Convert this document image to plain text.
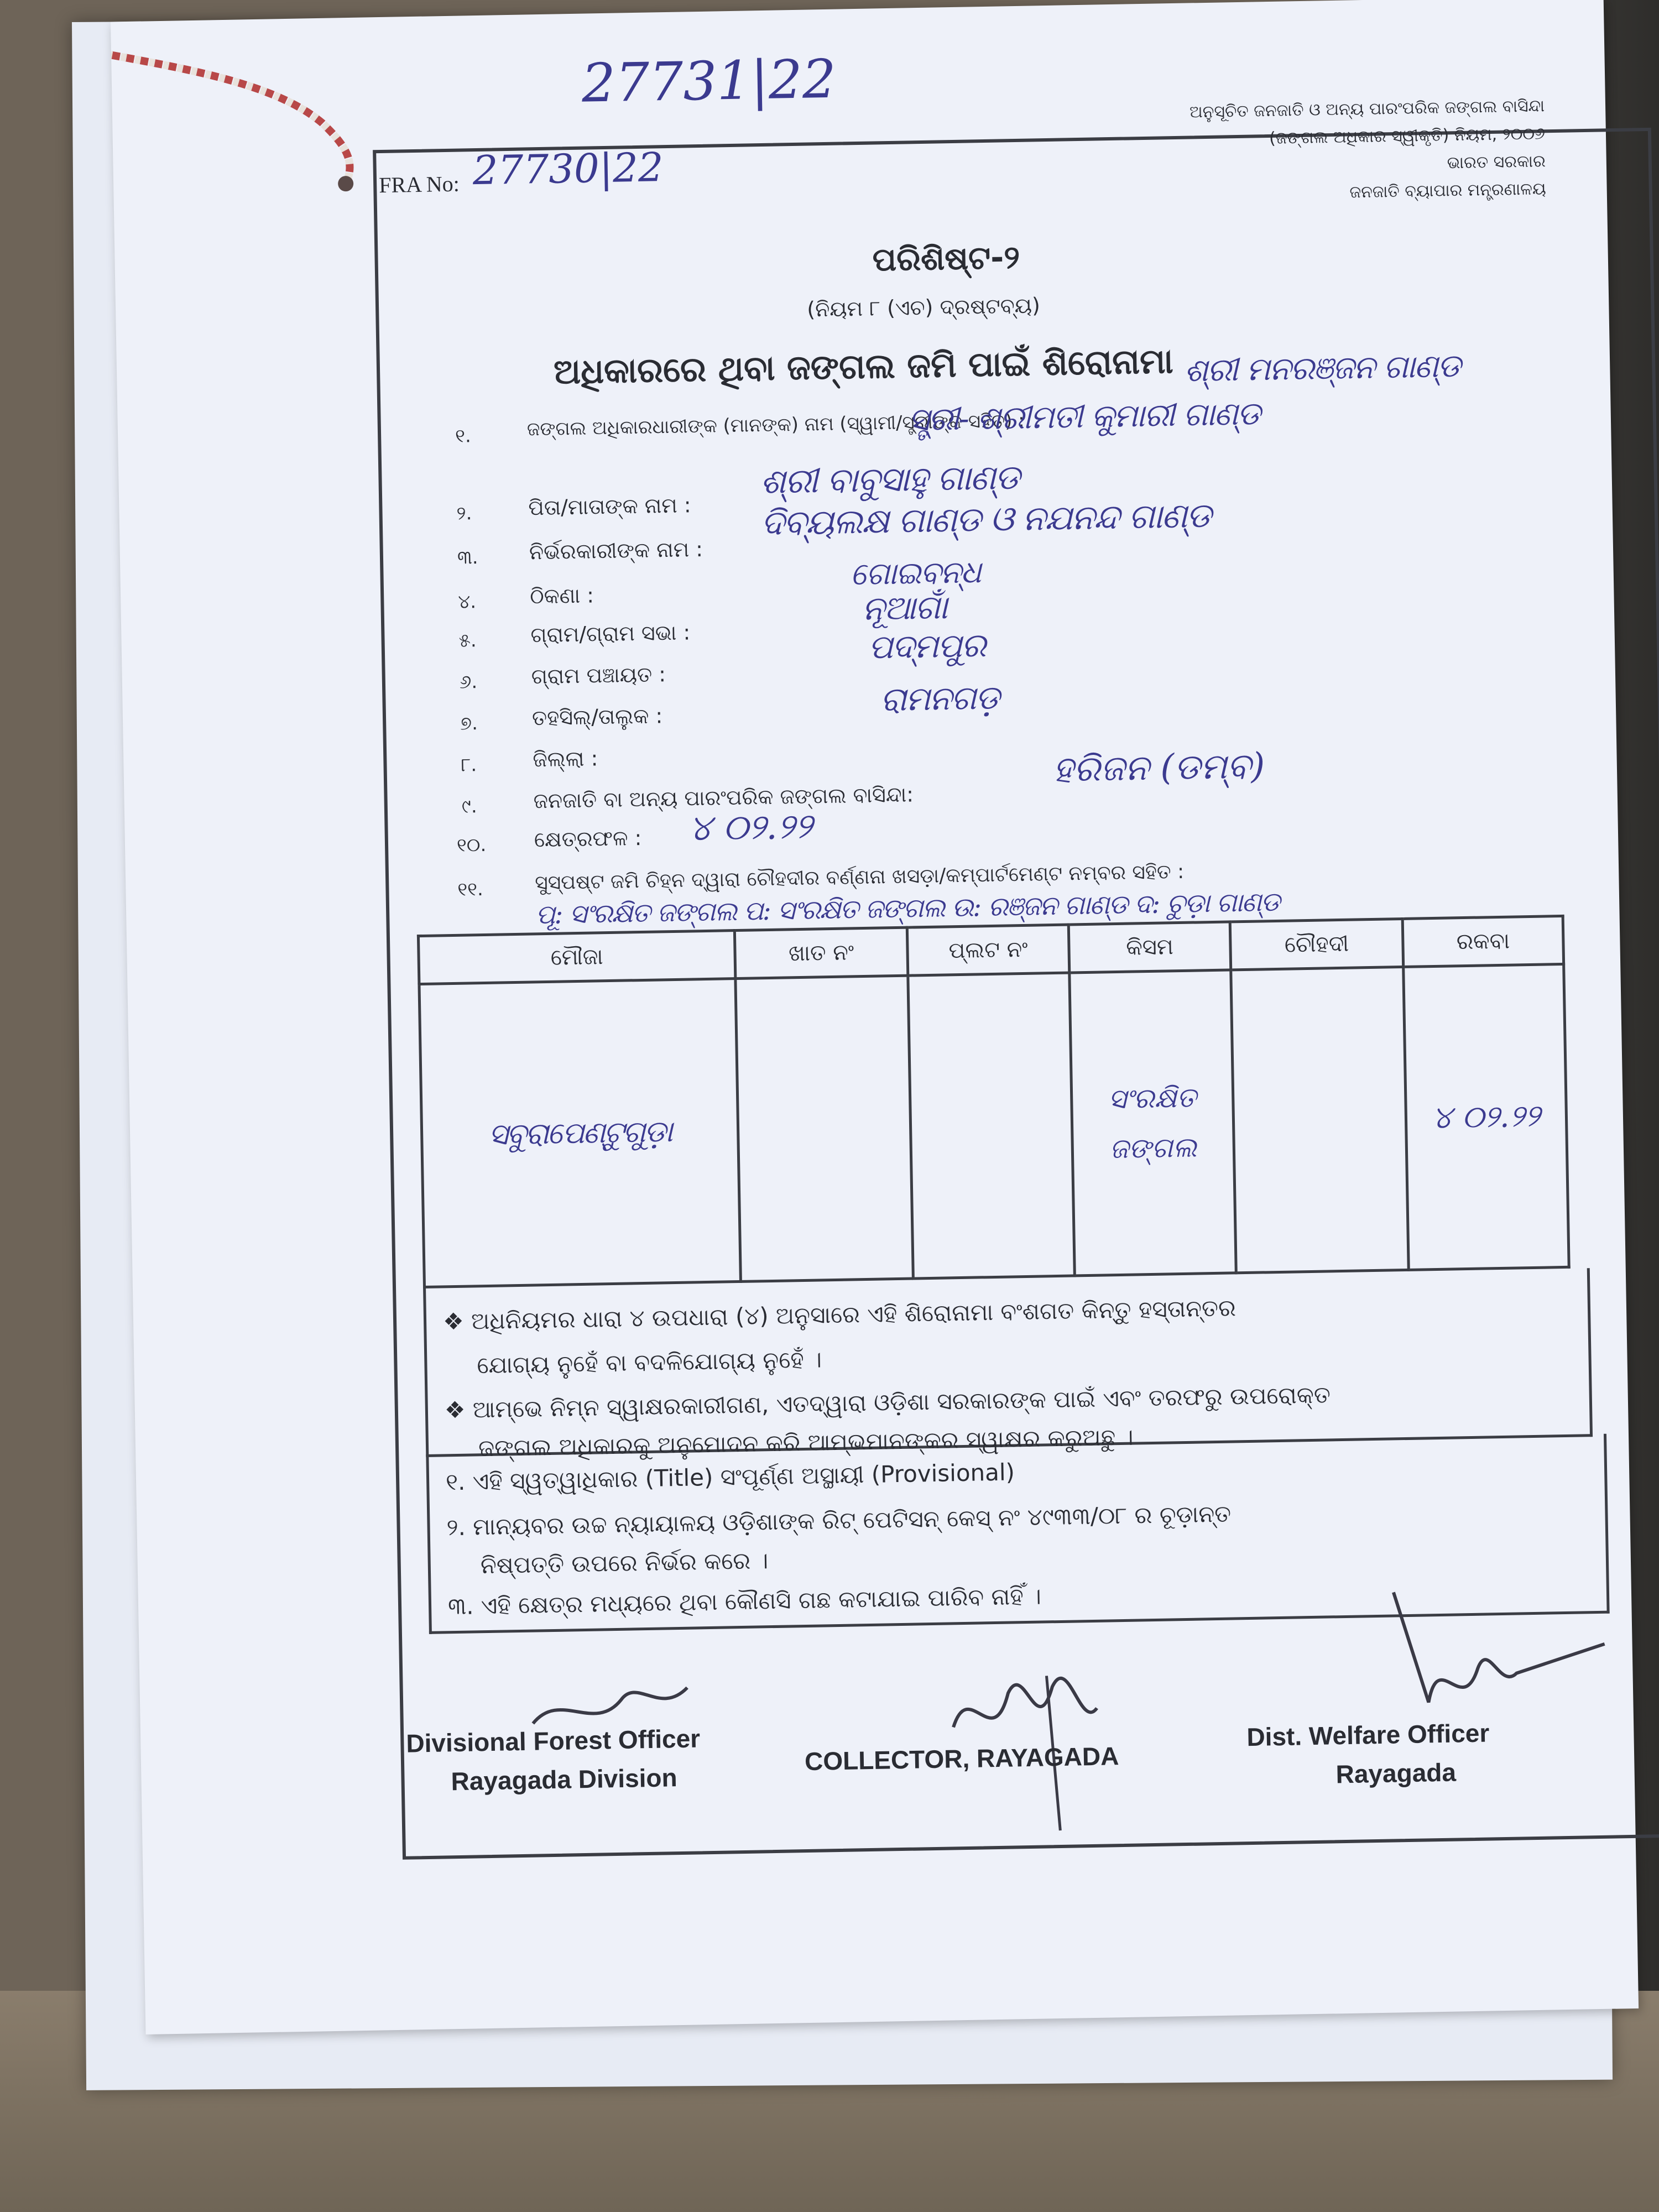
27731|22
FRA No: 27730|22
ଅନୁସୂଚିତ ଜନଜାତି ଓ ଅନ୍ୟ ପାରଂପରିକ ଜଙ୍ଗଲ ବାସିନ୍ଦା
(ଜଙ୍ଗଲ ଅଧିକାର ସ୍ୱୀକୃତି) ନିୟମ, ୨୦୦୬
ଭାରତ ସରକାର
ଜନଜାତି ବ୍ୟାପାର ମନ୍ତ୍ରଣାଳୟ
ପରିଶିଷ୍ଟ-୨
(ନିୟମ ୮ (ଏଚ) ଦ୍ରଷ୍ଟବ୍ୟ)
ଅଧିକାରରେ ଥିବା ଜଙ୍ଗଲ ଜମି ପାଇଁ ଶିରୋନାମା
୧.	ଜଙ୍ଗଲ ଅଧିକାରଧାରୀଙ୍କ (ମାନଙ୍କ) ନାମ (ସ୍ୱାମୀ/ସ୍ତ୍ରୀଙ୍କ ସହିତ) :
ଶ୍ରୀ ମନରଞ୍ଜନ ଗାଣ୍ଡ
ସ୍ତ୍ରୀ- ଶ୍ରୀମତୀ କୁମାରୀ ଗାଣ୍ଡ
୨.	ପିତା/ମାତାଙ୍କ ନାମ :
ଶ୍ରୀ ବାବୁସାହୁ ଗାଣ୍ଡ
୩. ନିର୍ଭରକାରୀଙ୍କ ନାମ :
ଦିବ୍ୟଲକ୍ଷ ଗାଣ୍ଡ ଓ ନଯନନ୍ଦ ଗାଣ୍ଡ
୪.	ଠିକଣା :
ଗୋଇବନ୍ଧ
୫.	ଗ୍ରାମ/ଗ୍ରାମ ସଭା :
ନୂଆଗାଁ
୬.	ଗ୍ରାମ ପଞ୍ଚାୟତ :
ପଦ୍ମପୁର
୭.	ତହସିଲ୍/ତାଲୁକ :	ରାମନଗଡ଼
୮.	ଜିଲ୍ଲା :
୯.	ଜନଜାତି ବା ଅନ୍ୟ ପାରଂପରିକ ଜଙ୍ଗଲ ବାସିନ୍ଦା:
ହରିଜନ (ଡମ୍ବ)
୧୦. କ୍ଷେତ୍ରଫଳ : ୪ ୦୨.୨୨
୧୧.	ସୁସ୍ପଷ୍ଟ ଜମି ଚିହ୍ନ ଦ୍ୱାରା ଚୌହଦୀର ବର୍ଣ୍ଣନା ଖସଡ଼ା/କମ୍ପାର୍ଟମେଣ୍ଟ ନମ୍ବର ସହିତ :
ପୂ: ସଂରକ୍ଷିତ ଜଙ୍ଗଲ ପ: ସଂରକ୍ଷିତ ଜଙ୍ଗଲ ଉ: ରଞ୍ଜନ ଗାଣ୍ଡ ଦ: ଚୁଡ଼ା ଗାଣ୍ଡ
ମୌଜା	ଖାତ ନଂ	ପ୍ଲଟ ନଂ	କିସମ	ଚୌହଦୀ	ରକବା
ସବୁରାପେଣ୍ଟୁଗୁଡ଼ା			ସଂରକ୍ଷିତ ଜଙ୍ଗଲ		୪ ୦୨.୨୨
❖ ଅଧିନିୟମର ଧାରା ୪ ଉପଧାରା (୪) ଅନୁସାରେ ଏହି ଶିରୋନାମା ବଂଶଗତ କିନ୍ତୁ ହସ୍ତାନ୍ତର
ଯୋଗ୍ୟ ନୁହେଁ ବା ବଦଳିଯୋଗ୍ୟ ନୁହେଁ ।
❖ ଆମ୍ଭେ ନିମ୍ନ ସ୍ୱାକ୍ଷରକାରୀଗଣ, ଏତଦ୍ୱାରା ଓଡ଼ିଶା ସରକାରଙ୍କ ପାଇଁ ଏବଂ ତରଫରୁ ଉପରୋକ୍ତ
ଜଙ୍ଗଲ ଅଧିକାରକୁ ଅନୁମୋଦନ କରି ଆମ୍ଭମାନଙ୍କର ସ୍ୱାକ୍ଷର କରୁଅଛୁ ।
୧. ଏହି ସ୍ୱତ୍ୱାଧିକାର (Title) ସଂପୂର୍ଣ୍ଣ ଅସ୍ଥାୟୀ (Provisional)
୨. ମାନ୍ୟବର ଉଚ୍ଚ ନ୍ୟାୟାଳୟ ଓଡ଼ିଶାଙ୍କ ରିଟ୍ ପେଟିସନ୍ କେସ୍ ନଂ ୪୯୩୩/୦୮ ର ଚୂଡ଼ାନ୍ତ
ନିଷ୍ପତ୍ତି ଉପରେ ନିର୍ଭର କରେ ।
୩. ଏହି କ୍ଷେତ୍ର ମଧ୍ୟରେ ଥିବା କୌଣସି ଗଛ କଟାଯାଇ ପାରିବ ନାହିଁ ।
Divisional Forest Officer
Rayagada Division
COLLECTOR, RAYAGADA
Dist. Welfare Officer
Rayagada
